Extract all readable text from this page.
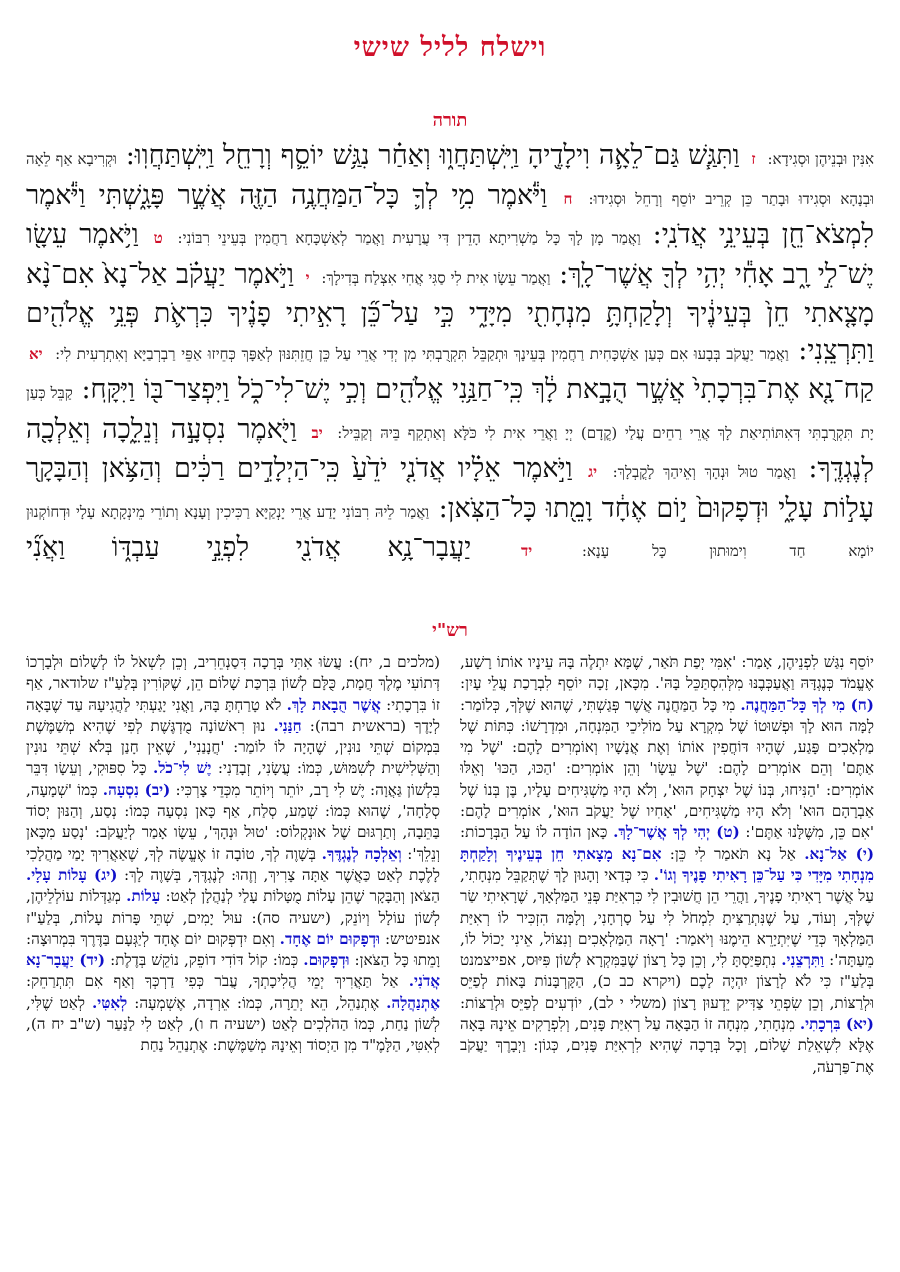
וישלח לליל שישי
תורה
אִנִּין וּבְנֵיהֶן וּסְגִידָא: ז וַתִּגַּ֧שׁ גַּם־לֵאָ֛ה וִילָדֶ֖יהָ וַיִּֽשְׁתַּחֲו֑וּ וְאַחַ֗ר נִגַּ֥שׁ יוֹסֵ֛ף וְרָחֵ֖ל וַיִּֽשְׁתַּחֲוֽוּ: וּקְרִיבָא אַף לֵאָה וּבְנָהָא וּסְגִידוּ וּבָתַר כֵּן קְרֵיב יוֹסֵף וְרָחֵל וּסְגִידוּ: ח וַיֹּ֕אמֶר מִ֥י לְךָ֛ כָּל־הַמַּחֲנֶ֥ה הַזֶּ֖ה אֲשֶׁ֣ר פָּגָ֑שְׁתִּי וַיֹּ֕אמֶר לִמְצֹא־חֵ֖ן בְּעֵינֵ֥י אֲדֹנִֽי: וַאֲמַר מָן לָךְ כָּל מַשְׁרִיתָא הָדֵין דִּי עֲרָעִית וַאֲמַר לְאַשְׁכָּחָא רַחֲמִין בְּעֵינֵי רִבּוֹנִי: ט וַיֹּ֥אמֶר עֵשָׂ֖ו יֶשׁ־לִ֣י רָ֑ב אָחִ֕י יְהִ֥י לְךָ֖ אֲשֶׁר־לָֽךְ: וַאֲמַר עֵשָׂו אִית לִי סַגִּי אֲחִי אִצְלַח בְּדִילָךְ: י וַיֹּ֣אמֶר יַעֲקֹ֗ב אַל־נָא֙ אִם־נָ֨א מָצָ֤אתִי חֵן֙ בְּעֵינֶ֔יךָ וְלָקַחְתָּ֥ מִנְחָתִ֖י מִיָּדִ֑י כִּ֣י עַל־כֵּ֞ן רָאִ֣יתִי פָנֶ֗יךָ כִּרְאֹ֛ת פְּנֵ֥י אֱלֹהִ֖ים וַתִּרְצֵֽנִי: וַאֲמַר יַעֲקֹב בְּבָעוּ אִם כְּעַן אַשְׁכָּחִית רַחֲמִין בְּעֵינָךְ וּתְקַבֵּל תִּקְרֻבְתִּי מִן יְדִי אֲרֵי עַל כֵּן חֲזֵתִּנּוּן לְאַפָּךְ כְּחֵיזוּ אַפֵּי רַבְרְבַיָּא וְאִתְרְעִית לִי: יא קַח־נָ֤א אֶת־בִּרְכָתִי֙ אֲשֶׁ֣ר הֻבָ֣את לָ֔ךְ כִּֽי־חַנַּ֥נִי אֱלֹהִ֖ים וְכִ֣י יֶשׁ־לִי־כֹ֑ל וַיִּפְצַר־בּ֖וֹ וַיִּקָּֽח: קַבֵּל כְּעַן יָת תִּקְרֻבְתִּי דְּאִתּוֹתִיאַת לָךְ אֲרֵי רַחֵים עֲלַי (קֳדָם) יְיָ וַאֲרֵי אִית לִי כֹּלָּא וְאַתְקֵף בֵּיהּ וְקַבֵּיל: יב וַיֹּ֖אמֶר נִסְעָ֣ה וְנֵלֵ֑כָה וְאֵלְכָ֖ה לְנֶגְדֶּֽךָ: וַאֲמַר טוּל וּנְהָךְ וְאֵיהַךְ לָקֳבְלָךְ: יג וַיֹּ֣אמֶר אֵלָ֗יו אֲדֹנִ֤י יֹדֵ֙עַ֙ כִּֽי־הַיְלָדִ֣ים רַכִּ֔ים וְהַצֹּ֥אן וְהַבָּקָ֖ר עָל֣וֹת עָלָ֑י וּדְפָקוּם֙ י֣וֹם אֶחָ֔ד וָמֵ֖תוּ כָּל־הַצֹּֽאן: וַאֲמַר לֵיהּ רִבּוֹנִי יָדַע אֲרֵי יָנְקַיָּא רַכִּיכִין וְעָנָא וְתוֹרֵי מֵינְקָתָא עָלָי וּדְחוֹקְנוּן יוֹמָא חַד וִימוּתוּן כָּל עָנָא: יד יַעֲבָר־נָ֥א אֲדֹנִ֖י לִפְנֵ֣י עַבְדּ֑וֹ וַאֲנִ֞י
רש"י
יוֹסֵף נִגַּשׁ לִפְנֵיהֶן, אָמַר: 'אִמִּי יְפַת תֹּאַר, שֶׁמָּא יִתְלֶה בָּהּ עֵינָיו אוֹתוֹ רָשָׁע, אֶעֱמֹד כְּנֶגְדָּהּ וַאֲעַכְּבֶנּוּ מִלְּהִסְתַּכֵּל בָּהּ'. מִכָּאן, זָכָה יוֹסֵף לִבְרָכַת עֲלֵי עָיִן: (ח) מִי לְךָ כָּל־הַמַּחֲנֶה. מִי כָּל הַמַּחֲנֶה אֲשֶׁר פְּגַשְׁתִּי, שֶׁהוּא שֶׁלְּךָ, כְּלוֹמַר: לָמָּה הוּא לָךְ וּפְשׁוּטוֹ שֶׁל מִקְרָא עַל מוֹלִיכֵי הַמִּנְחָה, וּמִדְרָשׁוֹ: כִּתּוֹת שֶׁל מַלְאָכִים פָּגַע, שֶׁהָיוּ דּוֹחֲפִין אוֹתוֹ וְאֶת אֲנָשָׁיו וְאוֹמְרִים לָהֶם: 'שֶׁל מִי אַתֶּם' וְהֵם אוֹמְרִים לָהֶם: 'שֶׁל עֵשָׂו' וְהֵן אוֹמְרִים: 'הַכּוּ, הַכּוּ' וְאֵלּוּ אוֹמְרִים: 'הַנִּיחוּ, בְּנוֹ שֶׁל יִצְחָק הוּא', וְלֹא הָיוּ מַשְׁגִּיחִים עָלָיו, בֶּן בְּנוֹ שֶׁל אַבְרָהָם הוּא' וְלֹא הָיוּ מַשְׁגִּיחִים, 'אָחִיו שֶׁל יַעֲקֹב הוּא', אוֹמְרִים לָהֶם: 'אִם כֵּן, מִשֶּׁלָּנוּ אַתֶּם': (ט) יְהִי לְךָ אֲשֶׁר־לָךְ. כָּאן הוֹדָה לוֹ עַל הַבְּרָכוֹת: (י) אַל־נָא. אַל נָא תֹּאמַר לִי כֵּן: אִם־נָא מָצָאתִי חֵן בְּעֵינֶיךָ וְלָקַחְתָּ מִנְחָתִי מִיָּדִי כִּי עַל־כֵּן רָאִיתִי פָנֶיךָ וְגוֹ'. כִּי כְּדַאי וְהָגוּן לָךְ שֶׁתְּקַבֵּל מִנְחָתִי, עַל אֲשֶׁר רָאִיתִי פָנֶיךָ, וַהֲרֵי הֵן חֲשׁוּבִין לִי כִּרְאִיַּת פְּנֵי הַמַּלְאָךְ, שֶׁרָאִיתִי שַׂר שֶׁלְּךָ, וְעוֹד, עַל שֶׁנִּתְרַצִּיתָ לִמְחֹל לִי עַל סָרְחָנִי, וְלָמָּה הִזְכִּיר לוֹ רְאִיַּת הַמַּלְאָךְ כְּדֵי שֶׁיִּתְיָרֵא הֵימֶנּוּ וְיֹאמַר: 'רָאָה הַמַּלְאָכִים וְנִצּוֹל, אֵינִי יָכוֹל לוֹ, מֵעַתָּה': וַתִּרְצֵנִי. נִתְפַּיַּסְתָּ לִי, וְכֵן כָּל רָצוֹן שֶׁבַּמִּקְרָא לְשׁוֹן פִּיּוּס, אפייצמנט בְּלַעַ"ז כִּי לֹא לְרָצוֹן יִהְיֶה לָכֶם (ויקרא כב כ), הַקָּרְבָּנוֹת בָּאוֹת לְפַיֵּס וּלְרַצּוֹת, וְכֵן שִׂפְתֵי צַדִּיק יֵדְעוּן רָצוֹן (משלי י לב), יוֹדְעִים לְפַיֵּס וּלְרַצּוֹת: (יא) בִּרְכָתִי. מִנְחָתִי, מִנְחָה זוֹ הַבָּאָה עַל רְאִיַּת פָּנִים, וְלִפְרָקִים אֵינָהּ בָּאָה אֶלָּא לִשְׁאֵלַת שָׁלוֹם, וְכָל בְּרָכָה שֶׁהִיא לִרְאִיַּת פָּנִים, כְּגוֹן: וַיְבָרֶךְ יַעֲקֹב אֶת־פַּרְעֹה,
(מלכים ב, יח): עֲשׂוּ אִתִּי בְּרָכָה דִּסַנְחֵרִיב, וְכֵן לִשְׁאֹל לוֹ לְשָׁלוֹם וּלְבָרְכוֹ דְּתוֹעִי מֶלֶךְ חֲמָת, כֻּלָּם לְשׁוֹן בִּרְכַּת שָׁלוֹם הֵן, שֶׁקּוֹרִין בְּלַעַ"ז שלודאר, אַף זוֹ בִּרְכָתִי: אֲשֶׁר הֻבָאת לָךְ. לֹא טָרַחְתָּ בָּהּ, וַאֲנִי יָגַעְתִּי לַהֲגִיעָהּ עַד שֶׁבָּאָה לְיָדֶךָ (בראשית רבה): חַנַּנִי. נוּן רִאשׁוֹנָה מֻדְגֶּשֶׁת לְפִי שֶׁהִיא מְשַׁמֶּשֶׁת בִּמְקוֹם שְׁתֵּי נוּנִין, שֶׁהָיָה לוֹ לוֹמַר: 'חֲנָנַנִי', שֶׁאֵין חָנַן בְּלֹא שְׁתֵּי נוּנִין וְהַשְּׁלִישִׁית לְשִׁמּוּשׁ, כְּמוֹ: עֲשָׂנִי, זְבָדַנִי: יֶשׁ לִי־כֹל. כָּל סִפּוּקִי, וְעֵשָׂו דִּבֵּר בִּלְשׁוֹן גַּאֲוָה: יֶשׁ לִי רָב, יוֹתֵר וְיוֹתֵר מִכְּדֵי צָרְכִּי: (יב) נִסְעָה. כְּמוֹ 'שְׁמָעָה, סְלָחָה', שֶׁהוּא כְּמוֹ: שְׁמַע, סְלַח, אַף כָּאן נִסְעָה כְּמוֹ: נְסַע, וְהַנּוּן יְסוֹד בַּתֵּבָה, וְתַרְגּוּם שֶׁל אוּנְקְלוֹס: 'טוּל וּנְהָךְ', עֵשָׂו אָמַר לְיַעֲקֹב: 'נְסַע מִכָּאן וְנֵלֵךְ': וְאֵלְכָה לְנֶגְדֶּךָ. בְּשָׁוֶה לְךָ, טוֹבָה זוֹ אֶעֱשֶׂה לְךָ, שֶׁאַאֲרִיךְ יָמַי מַהֲלָכִי לָלֶכֶת לְאַט כַּאֲשֶׁר אַתָּה צָרִיךְ, וְזֶהוּ: לְנֶגְדֶּךָ, בְּשָׁוֶה לָךְ: (יג) עָלוֹת עָלָי. הַצֹּאן וְהַבָּקָר שֶׁהֵן עָלוֹת מֻטָּלוֹת עָלַי לְנַהֲלָן לְאַט: עָלוֹת. מְגַדְּלוֹת עוֹלְלֵיהֶן, לְשׁוֹן עוֹלָל וְיוֹנֵק, (ישעיה סה): עוּל יָמִים, שְׁתֵּי פָּרוֹת עָלוֹת, בְּלַעַ"ז אנפיטיש: וּדְפָקוּם יוֹם אֶחָד. וְאִם יִדְפְּקוּם יוֹם אֶחָד לְיַגְּעָם בַּדֶּרֶךְ בִּמְרוּצָה: וָמֵתוּ כָּל הַצֹּאן: וּדְפָקוּם. כְּמוֹ: קוֹל דּוֹדִי דוֹפֵק, נוֹקֵשׁ בְּדֶלֶת: (יד) יַעֲבָר־נָא אֲדֹנִי. אַל תַּאֲרִיךְ יְמֵי הֲלִיכָתְךָ, עֲבֹר כְּפִי דַרְכְּךָ וְאַף אִם תִּתְרַחֵק: אֶתְנַהֲלָה. אֶתְנַהֵל, הֵא יְתֵרָה, כְּמוֹ: אֵרְדָה, אֶשְׁמְעָה: לְאִטִּי. לְאַט שֶׁלִּי, לְשׁוֹן נַחַת, כְּמוֹ הַהֹלְכִים לְאַט (ישעיה ח ו), לְאַט לִי לַנַּעַר (ש"ב יח ה), לְאִטִּי, הַלָּמֶ"ד מִן הַיְסוֹד וְאֵינָהּ מְשַׁמֶּשֶׁת: אֶתְנַהֵל נַחַת
